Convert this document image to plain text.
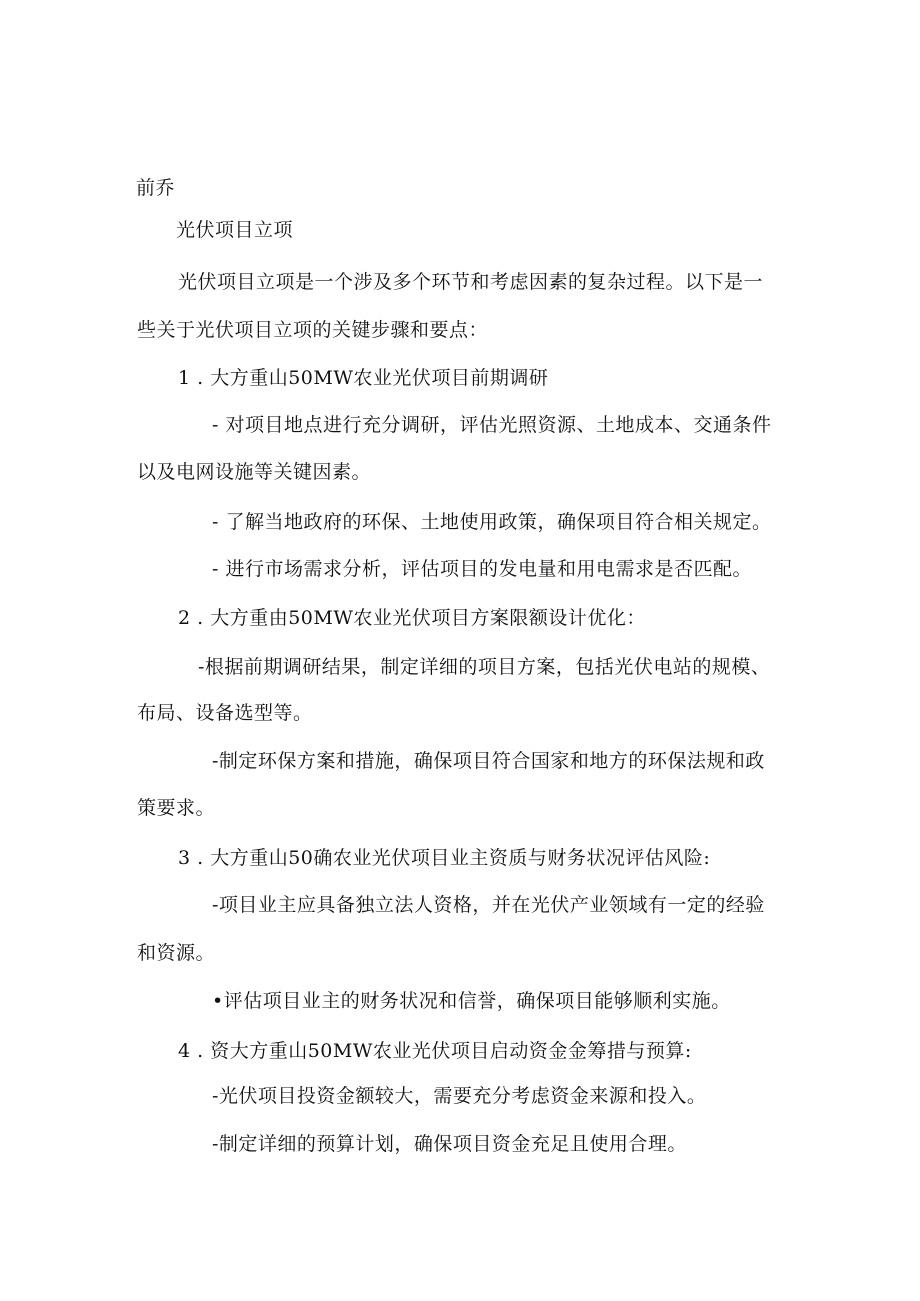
前乔
光伏项目立项
光伏项目立项是一个涉及多个环节和考虑因素的复杂过程。以下是一
些关于光伏项目立项的关键步骤和要点：
1 . 大方重山50MW农业光伏项目前期调研
- 对项目地点进行充分调研，评估光照资源、土地成本、交通条件
以及电网设施等关键因素。
- 了解当地政府的环保、土地使用政策，确保项目符合相关规定。
- 进行市场需求分析，评估项目的发电量和用电需求是否匹配。
2 . 大方重由50MW农业光伏项目方案限额设计优化：
-根据前期调研结果，制定详细的项目方案，包括光伏电站的规模、
布局、设备选型等。
-制定环保方案和措施，确保项目符合国家和地方的环保法规和政
策要求。
3 . 大方重山50确农业光伏项目业主资质与财务状况评估风险:
-项目业主应具备独立法人资格，并在光伏产业领域有一定的经验
和资源。
•评估项目业主的财务状况和信誉，确保项目能够顺利实施。
4 . 资大方重山50MW农业光伏项目启动资金金筹措与预算:
-光伏项目投资金额较大，需要充分考虑资金来源和投入。
-制定详细的预算计划，确保项目资金充足且使用合理。
